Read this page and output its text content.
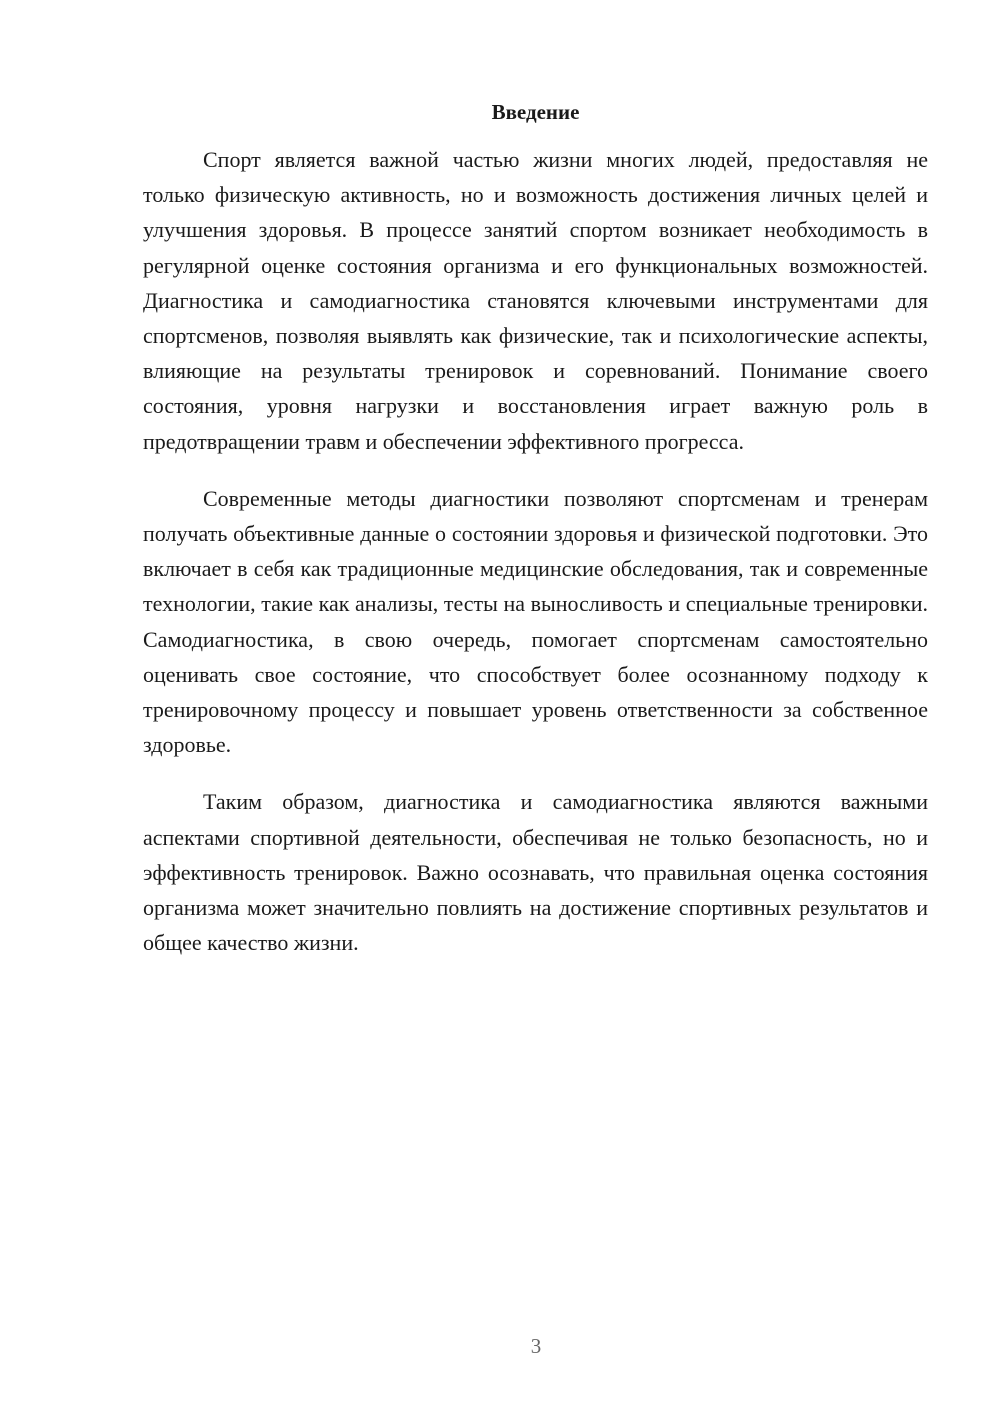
Введение

Спорт является важной частью жизни многих людей, предоставляя не только физическую активность, но и возможность достижения личных целей и улучшения здоровья. В процессе занятий спортом возникает необходимость в регулярной оценке состояния организма и его функциональных возможностей. Диагностика и самодиагностика становятся ключевыми инструментами для спортсменов, позволяя выявлять как физические, так и психологические аспекты, влияющие на результаты тренировок и соревнований. Понимание своего состояния, уровня нагрузки и восстановления играет важную роль в предотвращении травм и обеспечении эффективного прогресса.

Современные методы диагностики позволяют спортсменам и тренерам получать объективные данные о состоянии здоровья и физической подготовки. Это включает в себя как традиционные медицинские обследования, так и современные технологии, такие как анализы, тесты на выносливость и специальные тренировки. Самодиагностика, в свою очередь, помогает спортсменам самостоятельно оценивать свое состояние, что способствует более осознанному подходу к тренировочному процессу и повышает уровень ответственности за собственное здоровье.

Таким образом, диагностика и самодиагностика являются важными аспектами спортивной деятельности, обеспечивая не только безопасность, но и эффективность тренировок. Важно осознавать, что правильная оценка состояния организма может значительно повлиять на достижение спортивных результатов и общее качество жизни.

3
